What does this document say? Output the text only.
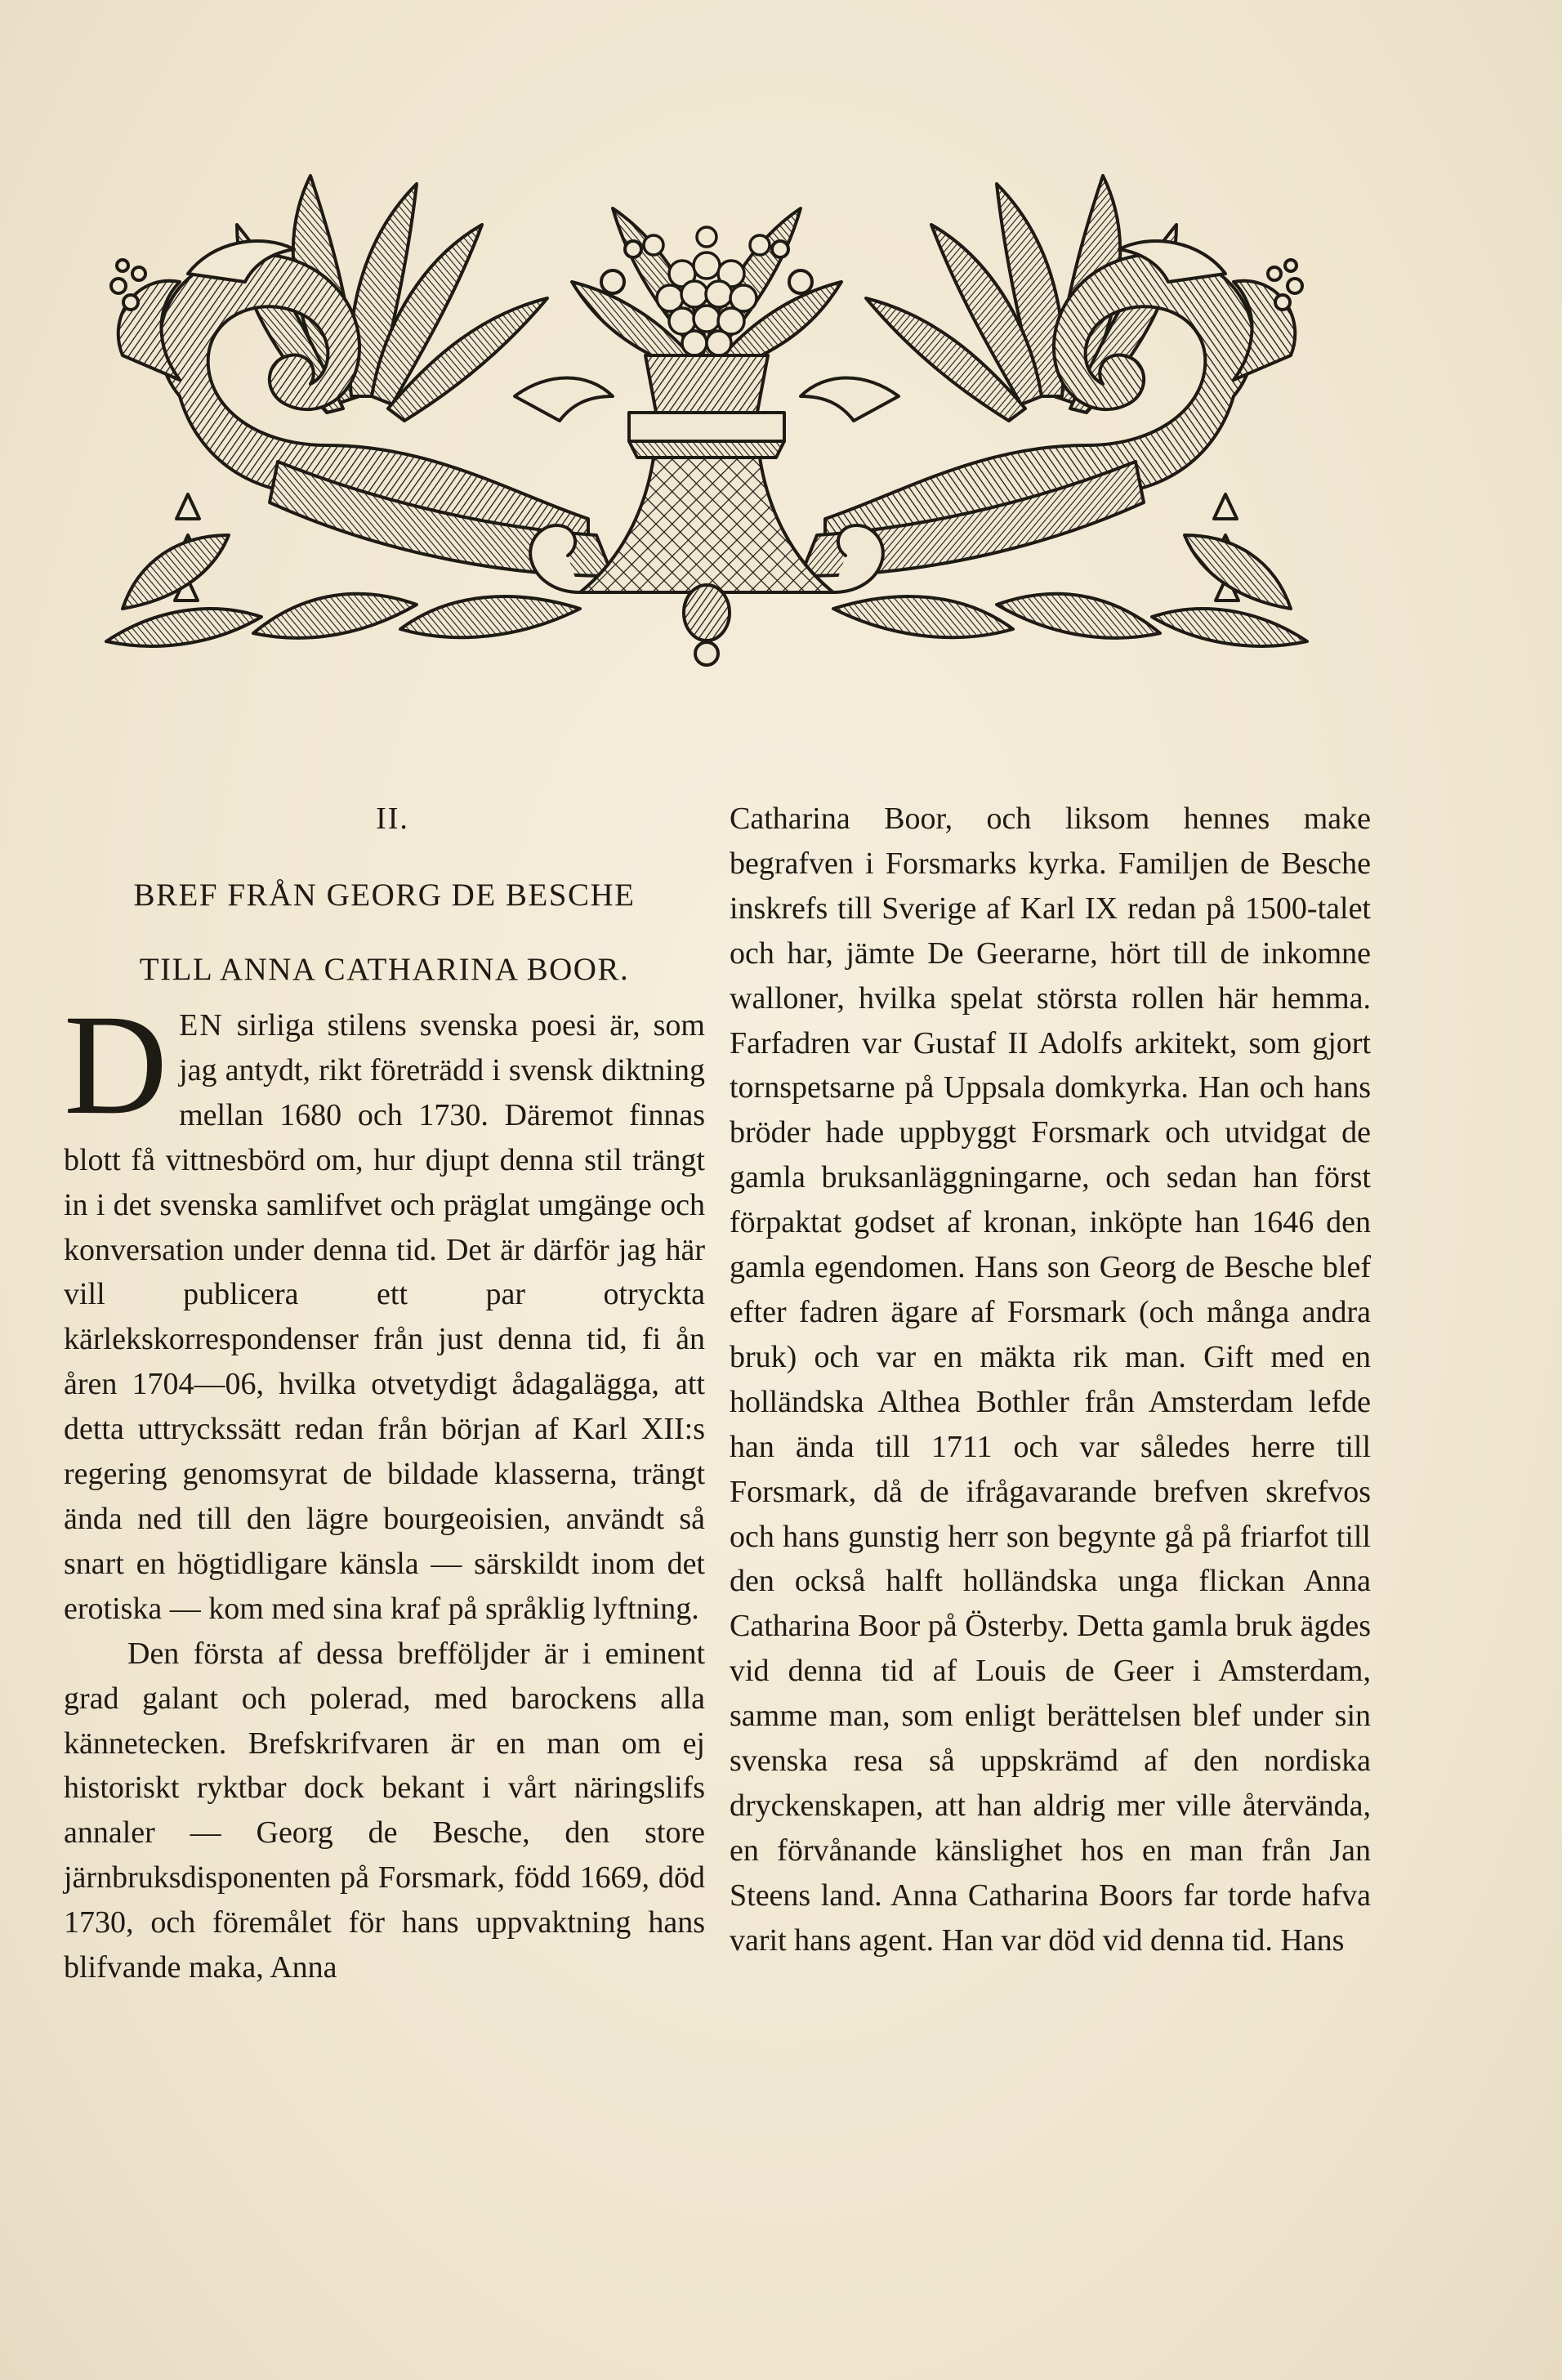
II.
BREF FRÅN GEORG DE BESCHE
TILL ANNA CATHARINA BOOR.

DEN sirliga stilens svenska poesi är, som jag antydt, rikt företrädd i svensk diktning mellan 1680 och 1730. Däremot finnas blott få vittnesbörd om, hur djupt denna stil trängt in i det svenska samlifvet och präglat umgänge och konversation under denna tid. Det är därför jag här vill publicera ett par otryckta kärlekskorrespondenser från just denna tid, fi ån åren 1704—06, hvilka otvetydigt ådagalägga, att detta uttryckssätt redan från början af Karl XII:s regering genomsyrat de bildade klasserna, trängt ända ned till den lägre bourgeoisien, användt så snart en högtidligare känsla — särskildt inom det erotiska — kom med sina kraf på språklig lyftning.

Den första af dessa brefföljder är i eminent grad galant och polerad, med barockens alla kännetecken. Brefskrifvaren är en man om ej historiskt ryktbar dock bekant i vårt näringslifs annaler — Georg de Besche, den store järnbruksdisponenten på Forsmark, född 1669, död 1730, och föremålet för hans uppvaktning hans blifvande maka, Anna

Catharina Boor, och liksom hennes make begrafven i Forsmarks kyrka. Familjen de Besche inskrefs till Sverige af Karl IX redan på 1500-talet och har, jämte De Geerarne, hört till de inkomne walloner, hvilka spelat största rollen här hemma. Farfadren var Gustaf II Adolfs arkitekt, som gjort tornspetsarne på Uppsala domkyrka. Han och hans bröder hade uppbyggt Forsmark och utvidgat de gamla bruksanläggningarne, och sedan han först förpaktat godset af kronan, inköpte han 1646 den gamla egendomen. Hans son Georg de Besche blef efter fadren ägare af Forsmark (och många andra bruk) och var en mäktа rik man. Gift med en holländska Althea Bothler från Amsterdam lefde han ända till 1711 och var således herre till Forsmark, då de ifrågavarande brefven skrefvos och hans gunstig herr son begynte gå på friarfot till den också halft holländska unga flickan Anna Catharina Boor på Österby. Detta gamla bruk ägdes vid denna tid af Louis de Geer i Amsterdam, samme man, som enligt berättelsen blef under sin svenska resa så uppskrämd af den nordiska dryckenskapen, att han aldrig mer ville återvända, en förvånande känslighet hos en man från Jan Steens land. Anna Catharina Boors far torde hafva varit hans agent. Han var död vid denna tid. Hans
